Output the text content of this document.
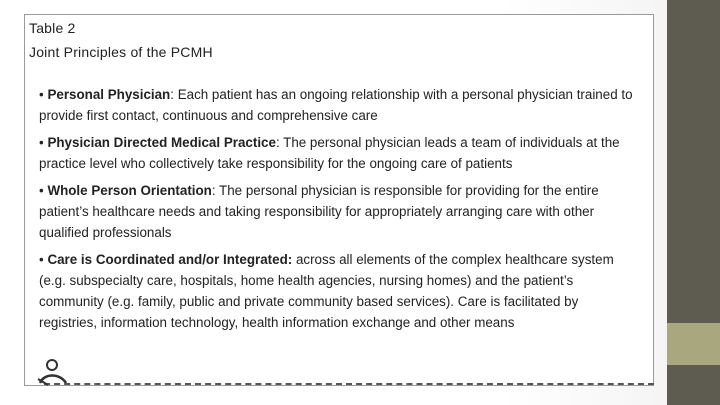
Table 2
Joint Principles of the PCMH
• Personal Physician: Each patient has an ongoing relationship with a personal physician trained to provide first contact, continuous and comprehensive care
• Physician Directed Medical Practice: The personal physician leads a team of individuals at the practice level who collectively take responsibility for the ongoing care of patients
• Whole Person Orientation: The personal physician is responsible for providing for the entire patient’s healthcare needs and taking responsibility for appropriately arranging care with other qualified professionals
• Care is Coordinated and/or Integrated: across all elements of the complex healthcare system (e.g. subspecialty care, hospitals, home health agencies, nursing homes) and the patient’s community (e.g. family, public and private community based services). Care is facilitated by registries, information technology, health information exchange and other means
